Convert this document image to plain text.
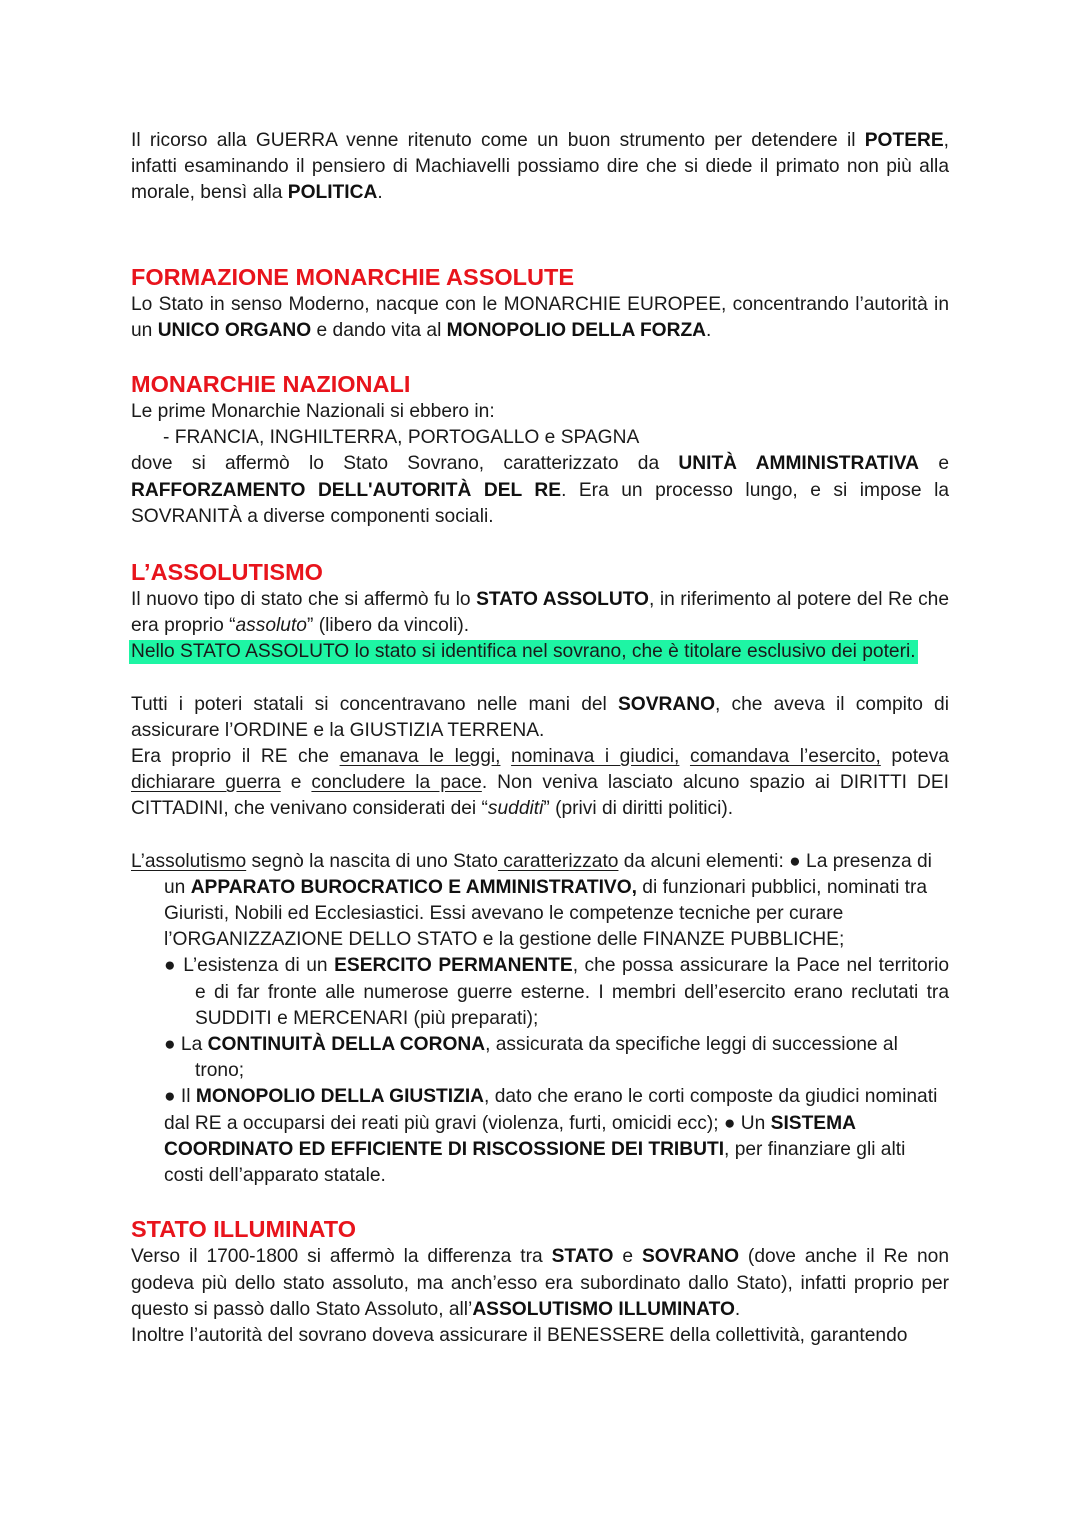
Il ricorso alla GUERRA venne ritenuto come un buon strumento per detendere il POTERE, infatti esaminando il pensiero di Machiavelli possiamo dire che si diede il primato non più alla morale, bensì alla POLITICA.

FORMAZIONE MONARCHIE ASSOLUTE

Lo Stato in senso Moderno, nacque con le MONARCHIE EUROPEE, concentrando l’autorità in un UNICO ORGANO e dando vita al MONOPOLIO DELLA FORZA.

MONARCHIE NAZIONALI

Le prime Monarchie Nazionali si ebbero in:

- FRANCIA, INGHILTERRA, PORTOGALLO e SPAGNA

dove si affermò lo Stato Sovrano, caratterizzato da UNITÀ AMMINISTRATIVA e RAFFORZAMENTO DELL'AUTORITÀ DEL RE. Era un processo lungo, e si impose la SOVRANITÀ a diverse componenti sociali.

L’ASSOLUTISMO

Il nuovo tipo di stato che si affermò fu lo STATO ASSOLUTO, in riferimento al potere del Re che era proprio “assoluto” (libero da vincoli).

Nello STATO ASSOLUTO lo stato si identifica nel sovrano, che è titolare esclusivo dei poteri.

Tutti i poteri statali si concentravano nelle mani del SOVRANO, che aveva il compito di assicurare l’ORDINE e la GIUSTIZIA TERRENA.

Era proprio il RE che emanava le leggi, nominava i giudici, comandava l’esercito, poteva dichiarare guerra e concludere la pace. Non veniva lasciato alcuno spazio ai DIRITTI DEI CITTADINI, che venivano considerati dei “sudditi” (privi di diritti politici).

L’assolutismo segnò la nascita di uno Stato caratterizzato da alcuni elementi: ● La presenza di un APPARATO BUROCRATICO E AMMINISTRATIVO, di funzionari pubblici, nominati tra Giuristi, Nobili ed Ecclesiastici. Essi avevano le competenze tecniche per curare l’ORGANIZZAZIONE DELLO STATO e la gestione delle FINANZE PUBBLICHE;

● L’esistenza di un ESERCITO PERMANENTE, che possa assicurare la Pace nel territorio e di far fronte alle numerose guerre esterne. I membri dell’esercito erano reclutati tra SUDDITI e MERCENARI (più preparati);

● La CONTINUITÀ DELLA CORONA, assicurata da specifiche leggi di successione al trono;

● Il MONOPOLIO DELLA GIUSTIZIA, dato che erano le corti composte da giudici nominati dal RE a occuparsi dei reati più gravi (violenza, furti, omicidi ecc); ● Un SISTEMA COORDINATO ED EFFICIENTE DI RISCOSSIONE DEI TRIBUTI, per finanziare gli alti costi dell’apparato statale.

STATO ILLUMINATO

Verso il 1700-1800 si affermò la differenza tra STATO e SOVRANO (dove anche il Re non godeva più dello stato assoluto, ma anch’esso era subordinato dallo Stato), infatti proprio per questo si passò dallo Stato Assoluto, all’ASSOLUTISMO ILLUMINATO.

Inoltre l’autorità del sovrano doveva assicurare il BENESSERE della collettività, garantendo
